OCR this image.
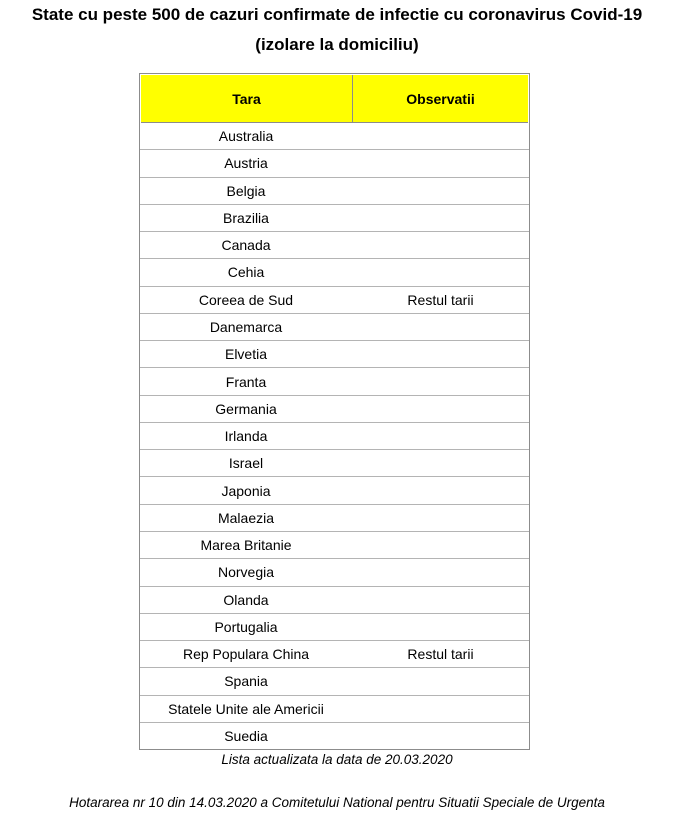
State cu peste 500 de cazuri confirmate de infectie cu coronavirus Covid-19
(izolare la domiciliu)
Tara	Observatii
Australia
Austria
Belgia
Brazilia
Canada
Cehia
Coreea de Sud	Restul tarii
Danemarca
Elvetia
Franta
Germania
Irlanda
Israel
Japonia
Malaezia
Marea Britanie
Norvegia
Olanda
Portugalia
Rep Populara China	Restul tarii
Spania
Statele Unite ale Americii
Suedia
Lista actualizata la data de 20.03.2020
Hotararea nr 10 din 14.03.2020 a Comitetului National pentru Situatii Speciale de Urgenta
